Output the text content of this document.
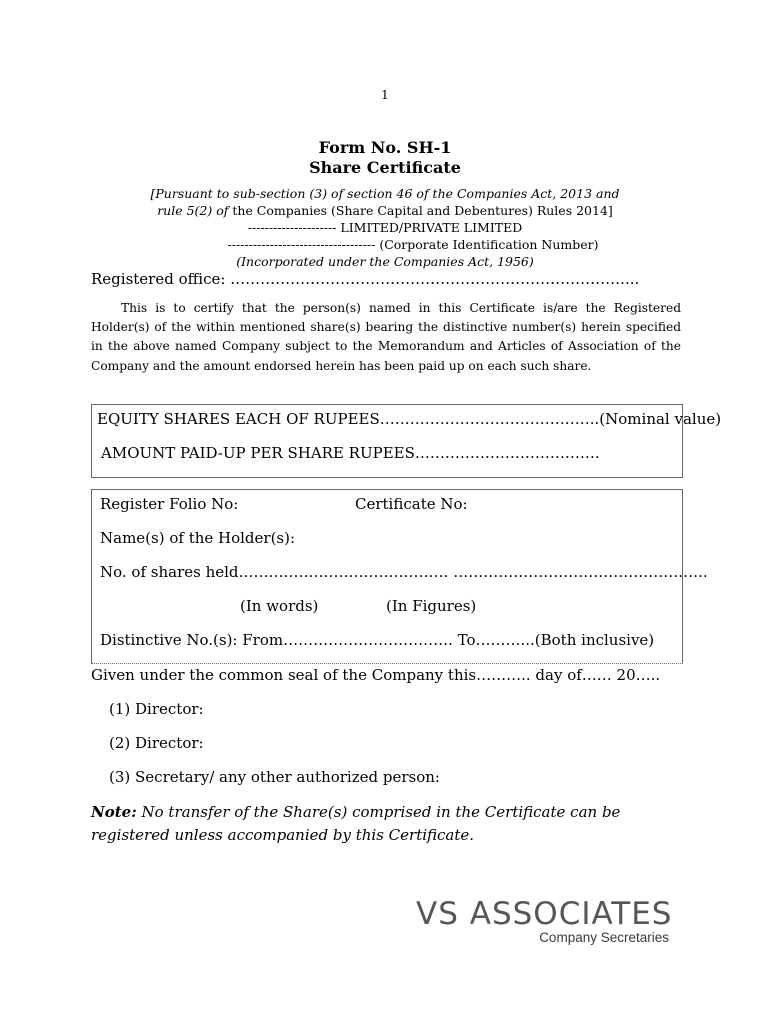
1
Form No. SH-1
Share Certificate
[Pursuant to sub-section (3) of section 46 of the Companies Act, 2013 and
rule 5(2) of the Companies (Share Capital and Debentures) Rules 2014]
--------------------- LIMITED/PRIVATE LIMITED
----------------------------------- (Corporate Identification Number)
(Incorporated under the Companies Act, 1956)
Registered office: ……………………………………………………………………....
This is to certify that the person(s) named in this Certificate is/are the Registered Holder(s) of the within mentioned share(s) bearing the distinctive number(s) herein specified in the above named Company subject to the Memorandum and Articles of Association of the Company and the amount endorsed herein has been paid up on each such share.
EQUITY SHARES EACH OF RUPEES……………………………………..(Nominal value)
AMOUNT PAID-UP PER SHARE RUPEES……………………………….
Register Folio No:	Certificate No:
Name(s) of the Holder(s):
No. of shares held…………………………………… ……………………………………….…..
(In words)	(In Figures)
Distinctive No.(s): From……………………………. To………...(Both inclusive)
Given under the common seal of the Company this……….. day of…… 20…..
(1) Director:
(2) Director:
(3) Secretary/ any other authorized person:
Note: No transfer of the Share(s) comprised in the Certificate can be registered unless accompanied by this Certificate.
VS ASSOCIATES
Company Secretaries
